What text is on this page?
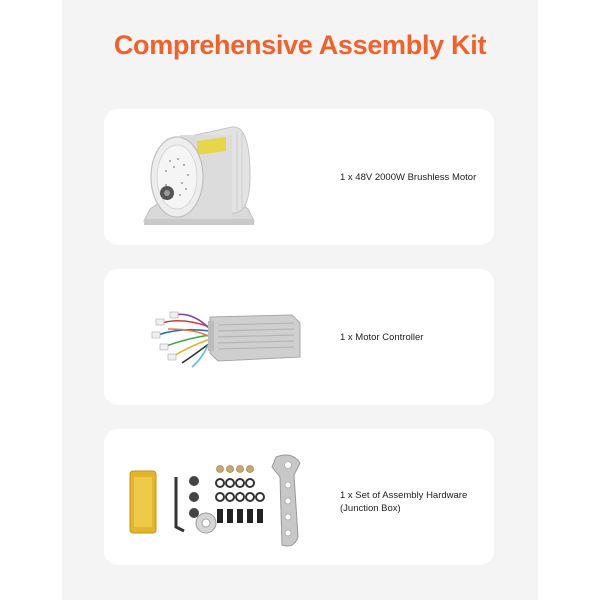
Comprehensive Assembly Kit
1 x 48V 2000W Brushless Motor
1 x Motor Controller
1 x Set of Assembly Hardware
(Junction Box)
